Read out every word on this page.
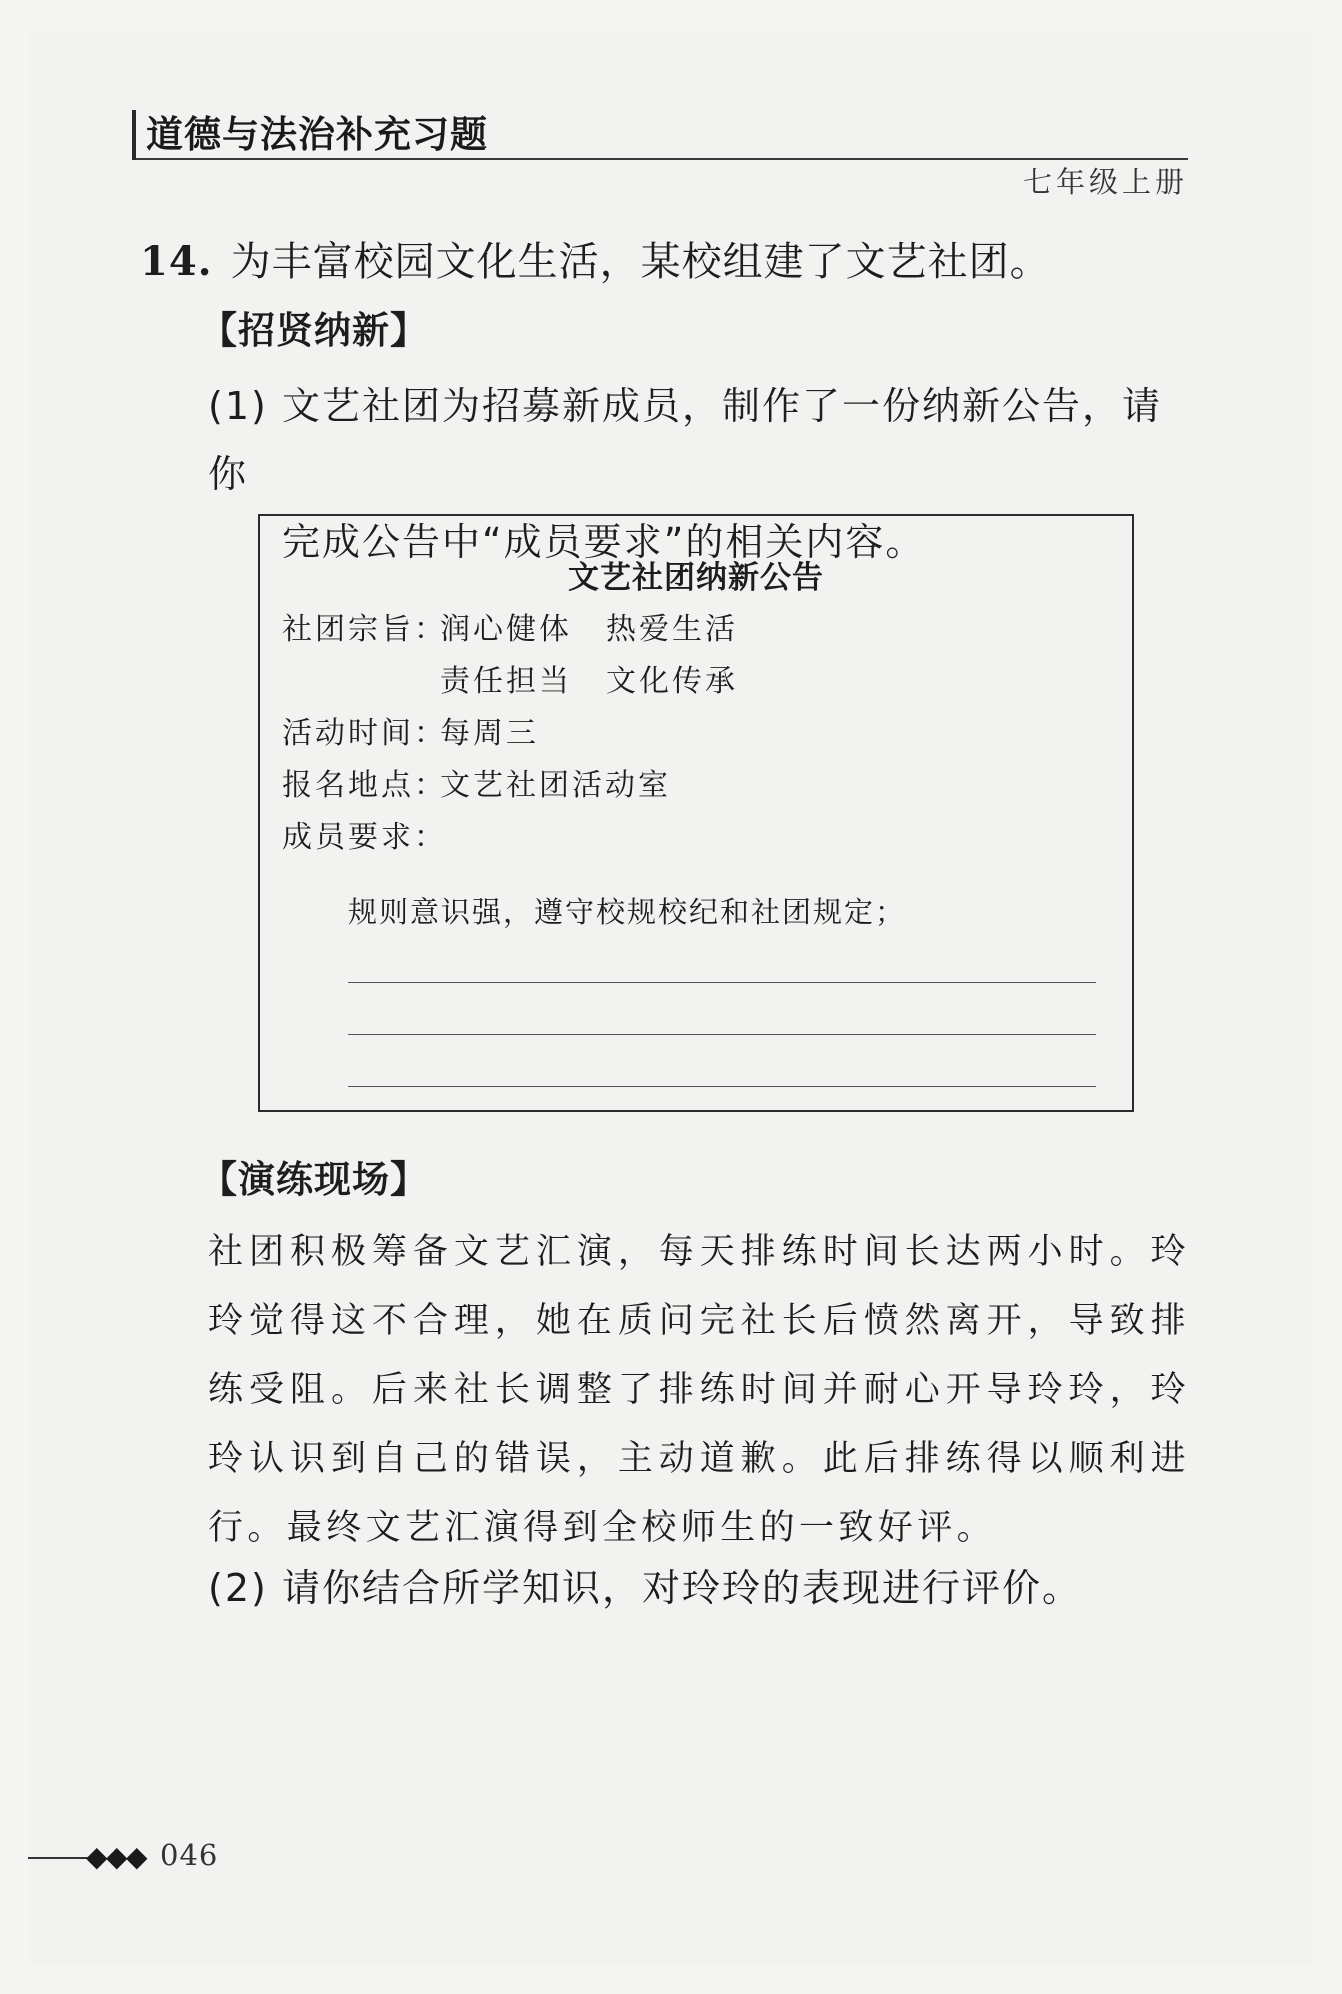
道德与法治补充习题
七年级上册
14. 为丰富校园文化生活，某校组建了文艺社团。
【招贤纳新】
(1) 文艺社团为招募新成员，制作了一份纳新公告，请你
完成公告中“成员要求”的相关内容。
文艺社团纳新公告
社团宗旨：润心健体 热爱生活
责任担当 文化传承
活动时间：每周三
报名地点：文艺社团活动室
成员要求：
规则意识强，遵守校规校纪和社团规定；
【演练现场】
社团积极筹备文艺汇演，每天排练时间长达两小时。玲玲觉得这不合理，她在质问完社长后愤然离开，导致排练受阻。后来社长调整了排练时间并耐心开导玲玲，玲玲认识到自己的错误，主动道歉。此后排练得以顺利进行。最终文艺汇演得到全校师生的一致好评。
(2) 请你结合所学知识，对玲玲的表现进行评价。
◆
◆
◆ 046
